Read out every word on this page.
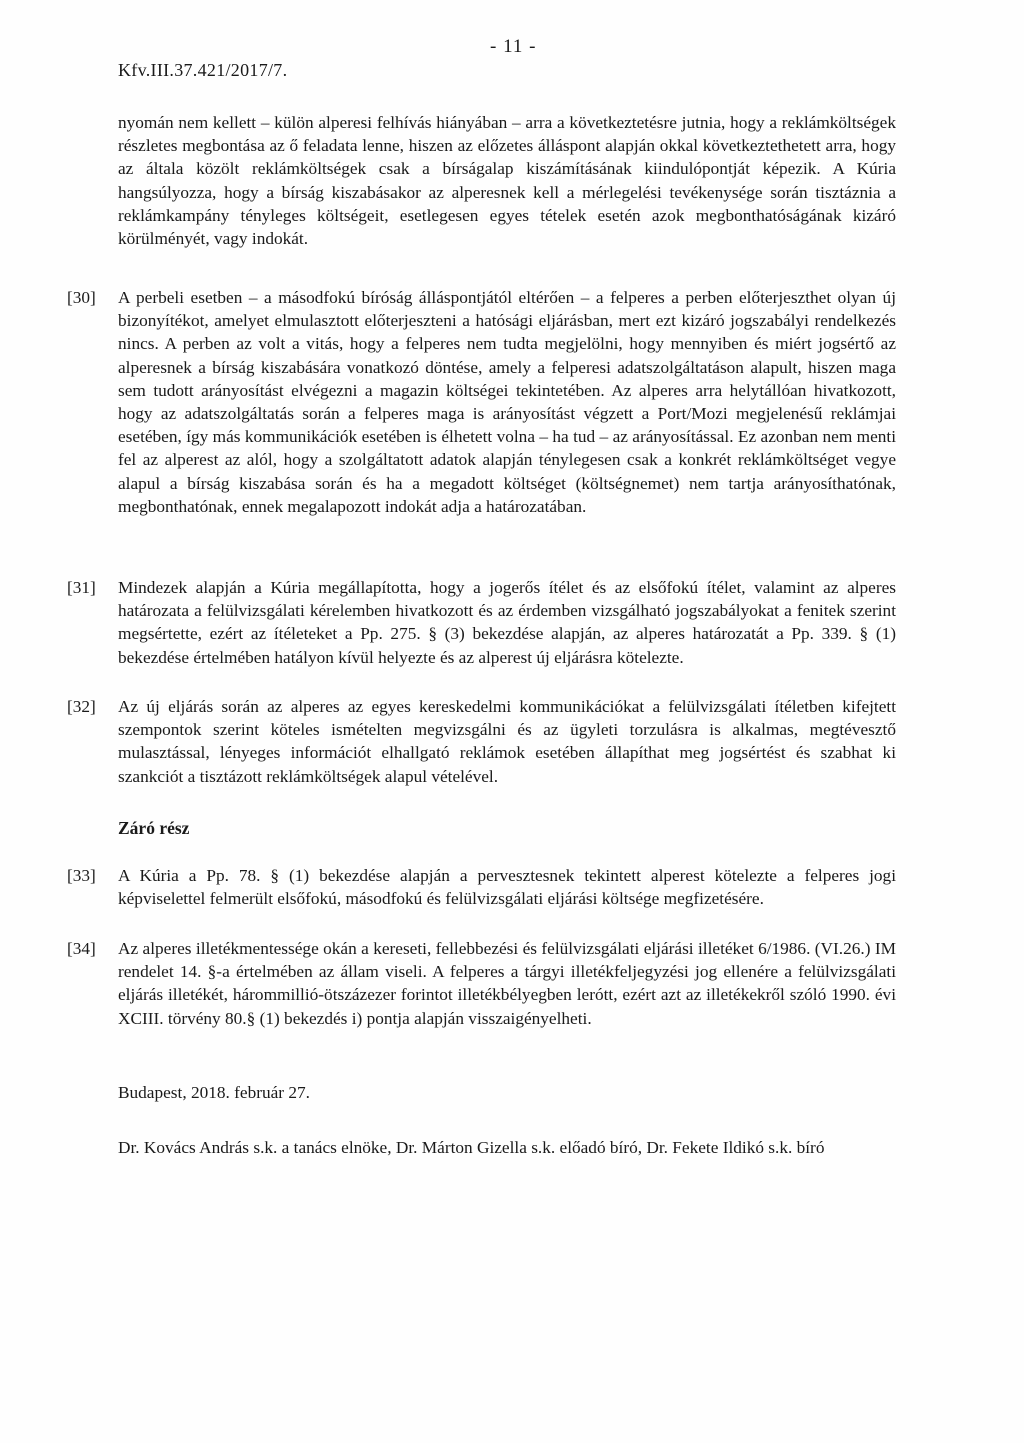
- 11 -
Kfv.III.37.421/2017/7.
nyomán nem kellett – külön alperesi felhívás hiányában – arra a következtetésre jutnia, hogy a reklámköltségek részletes megbontása az ő feladata lenne, hiszen az előzetes álláspont alapján okkal következtethetett arra, hogy az általa közölt reklámköltségek csak a bírságalap kiszámításának kiindulópontját képezik. A Kúria hangsúlyozza, hogy a bírság kiszabásakor az alperesnek kell a mérlegelési tevékenysége során tisztáznia a reklámkampány tényleges költségeit, esetlegesen egyes tételek esetén azok megbonthatóságának kizáró körülményét, vagy indokát.
[30]	A perbeli esetben – a másodfokú bíróság álláspontjától eltérően – a felperes a perben előterjeszthet olyan új bizonyítékot, amelyet elmulasztott előterjeszteni a hatósági eljárásban, mert ezt kizáró jogszabályi rendelkezés nincs. A perben az volt a vitás, hogy a felperes nem tudta megjelölni, hogy mennyiben és miért jogsértő az alperesnek a bírság kiszabására vonatkozó döntése, amely a felperesi adatszolgáltatáson alapult, hiszen maga sem tudott arányosítást elvégezni a magazin költségei tekintetében. Az alperes arra helytállóan hivatkozott, hogy az adatszolgáltatás során a felperes maga is arányosítást végzett a Port/Mozi megjelenésű reklámjai esetében, így más kommunikációk esetében is élhetett volna – ha tud – az arányosítással. Ez azonban nem menti fel az alperest az alól, hogy a szolgáltatott adatok alapján ténylegesen csak a konkrét reklámköltséget vegye alapul a bírság kiszabása során és ha a megadott költséget (költségnemet) nem tartja arányosíthatónak, megbonthatónak, ennek megalapozott indokát adja a határozatában.
[31]	Mindezek alapján a Kúria megállapította, hogy a jogerős ítélet és az elsőfokú ítélet, valamint az alperes határozata a felülvizsgálati kérelemben hivatkozott és az érdemben vizsgálható jogszabályokat a fenitek szerint megsértette, ezért az ítéleteket a Pp. 275. § (3) bekezdése alapján, az alperes határozatát a Pp. 339. § (1) bekezdése értelmében hatályon kívül helyezte és az alperest új eljárásra kötelezte.
[32]	Az új eljárás során az alperes az egyes kereskedelmi kommunikációkat a felülvizsgálati ítéletben kifejtett szempontok szerint köteles ismételten megvizsgálni és az ügyleti torzulásra is alkalmas, megtévesztő mulasztással, lényeges információt elhallgató reklámok esetében állapíthat meg jogsértést és szabhat ki szankciót a tisztázott reklámköltségek alapul vételével.
Záró rész
[33]	A Kúria a Pp. 78. § (1) bekezdése alapján a pervesztesnek tekintett alperest kötelezte a felperes jogi képviselettel felmerült elsőfokú, másodfokú és felülvizsgálati eljárási költsége megfizetésére.
[34]	Az alperes illetékmentessége okán a kereseti, fellebbezési és felülvizsgálati eljárási illetéket 6/1986. (VI.26.) IM rendelet 14. §-a értelmében az állam viseli. A felperes a tárgyi illetékfeljegyzési jog ellenére a felülvizsgálati eljárás illetékét, hárommillió-ötszázezer forintot illetékbélyegben lerótt, ezért azt az illetékekről szóló 1990. évi XCIII. törvény 80.§ (1) bekezdés i) pontja alapján visszaigényelheti.
Budapest, 2018. február 27.
Dr. Kovács András s.k. a tanács elnöke, Dr. Márton Gizella s.k. előadó bíró, Dr. Fekete Ildikó s.k. bíró
